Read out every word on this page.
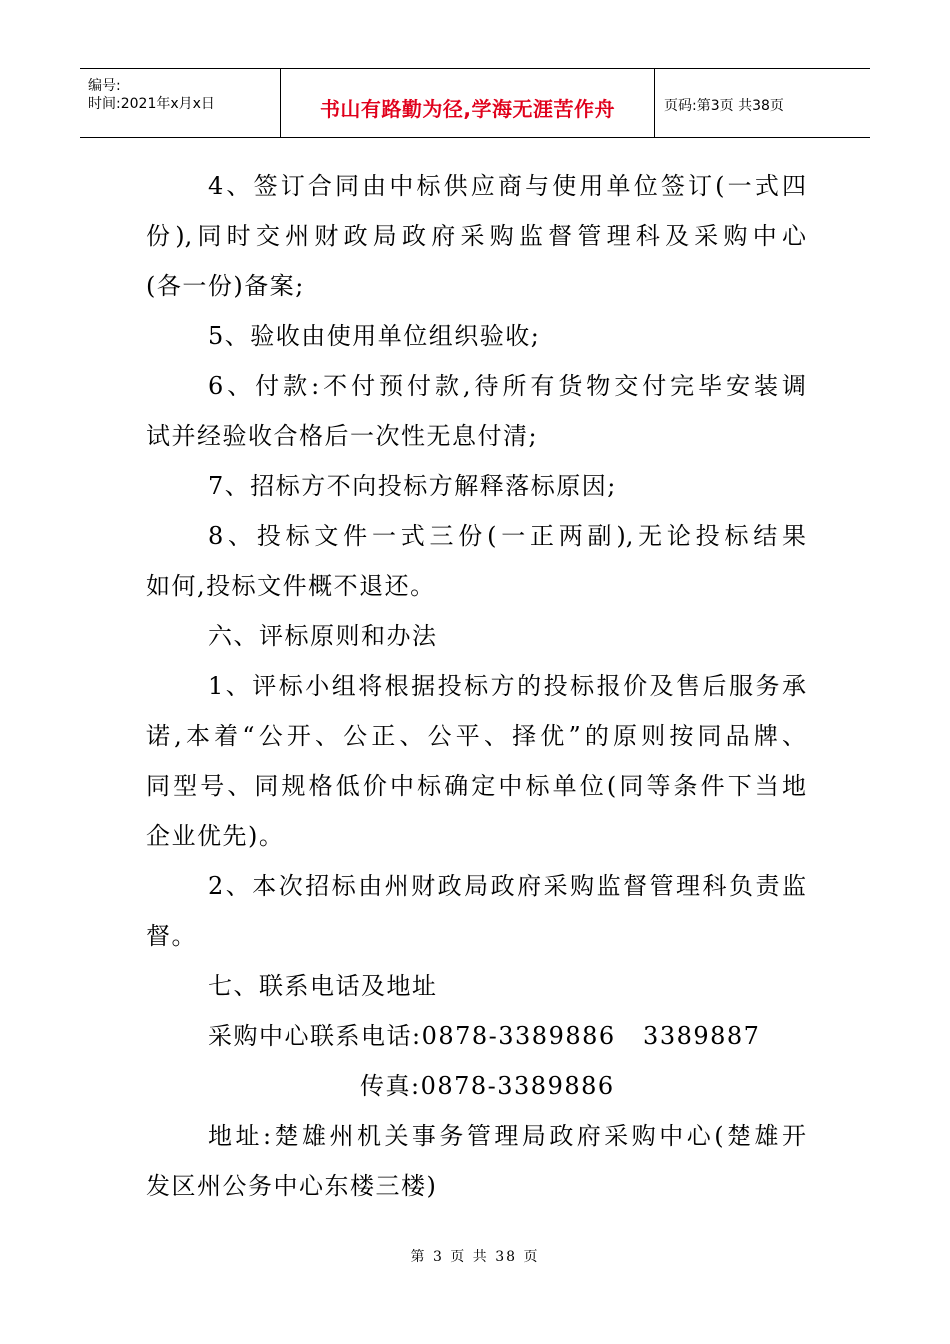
编号:
时间:2021年x月x日	书山有路勤为径,学海无涯苦作舟	页码:第3页 共38页
4、签订合同由中标供应商与使用单位签订(一式四
份),同时交州财政局政府采购监督管理科及采购中心
(各一份)备案;
5、验收由使用单位组织验收;
6、付款:不付预付款,待所有货物交付完毕安装调
试并经验收合格后一次性无息付清;
7、招标方不向投标方解释落标原因;
8、投标文件一式三份(一正两副),无论投标结果
如何,投标文件概不退还。
六、评标原则和办法
1、评标小组将根据投标方的投标报价及售后服务承
诺,本着“公开、公正、公平、择优”的原则按同品牌、
同型号、同规格低价中标确定中标单位(同等条件下当地
企业优先)。
2、本次招标由州财政局政府采购监督管理科负责监
督。
七、联系电话及地址
采购中心联系电话:0878-3389886   3389887
传真:0878-3389886
地址:楚雄州机关事务管理局政府采购中心(楚雄开
发区州公务中心东楼三楼)
第 3 页 共 38 页
